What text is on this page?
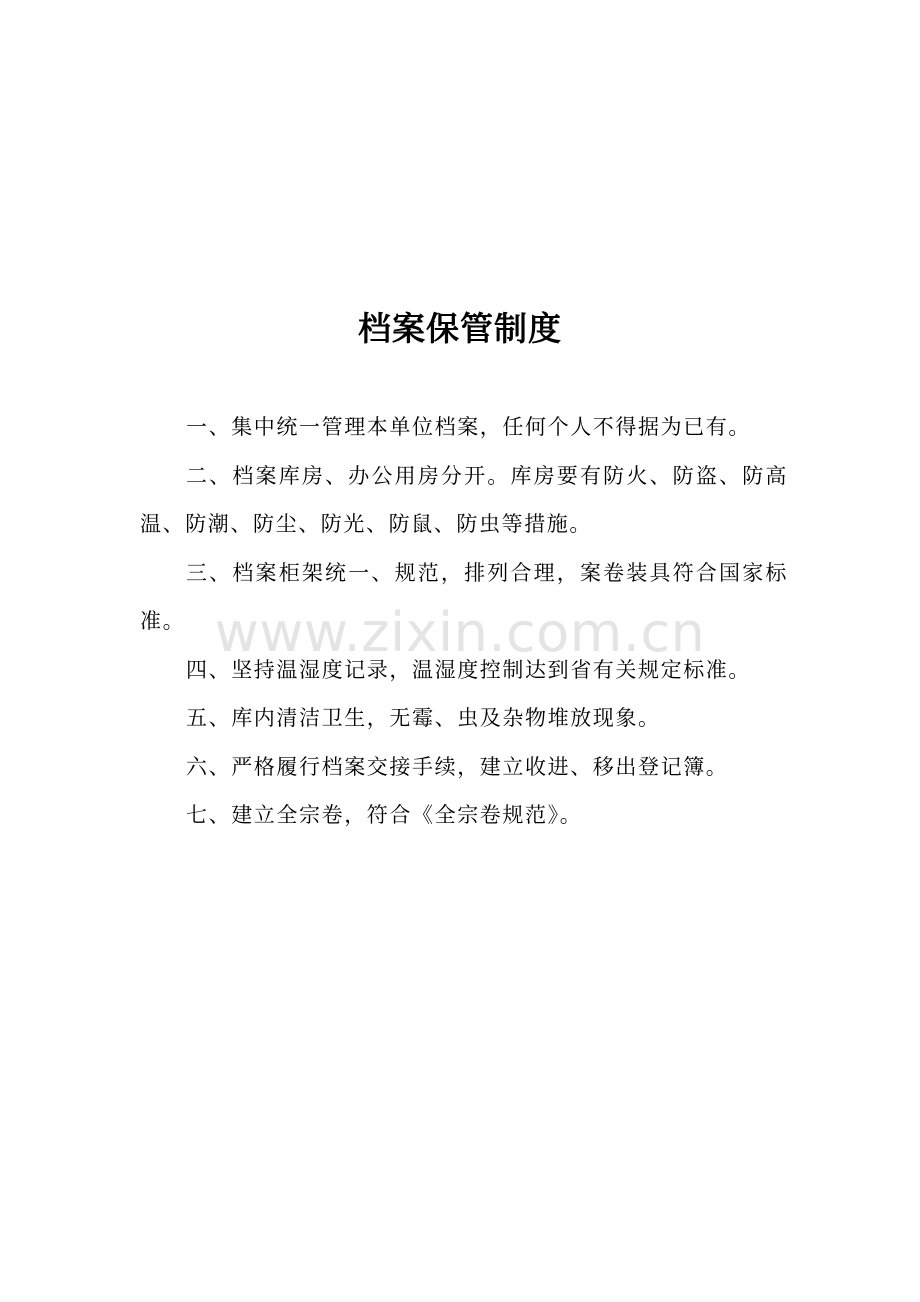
档案保管制度

一、集中统一管理本单位档案，任何个人不得据为已有。

二、档案库房、办公用房分开。库房要有防火、防盗、防高温、防潮、防尘、防光、防鼠、防虫等措施。

三、档案柜架统一、规范，排列合理，案卷装具符合国家标准。

四、坚持温湿度记录，温湿度控制达到省有关规定标准。

五、库内清洁卫生，无霉、虫及杂物堆放现象。

六、严格履行档案交接手续，建立收进、移出登记簿。

七、建立全宗卷，符合《全宗卷规范》。

www.zixin.com.cn
